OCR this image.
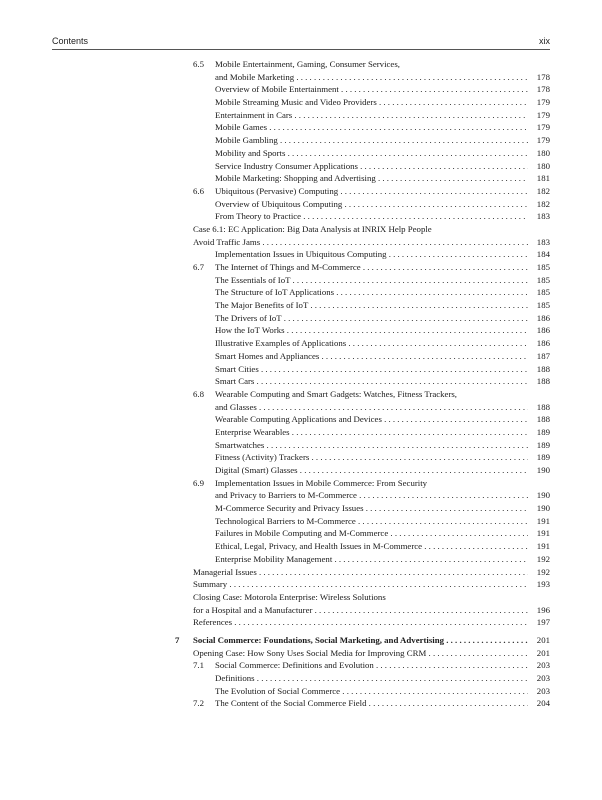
Contents	xix
6.5 Mobile Entertainment, Gaming, Consumer Services,
and Mobile Marketing . . .	178
Overview of Mobile Entertainment . . .	178
Mobile Streaming Music and Video Providers . . .	179
Entertainment in Cars . . .	179
Mobile Games . . .	179
Mobile Gambling . . .	179
Mobility and Sports . . .	180
Service Industry Consumer Applications . . .	180
Mobile Marketing: Shopping and Advertising . . .	181
6.6 Ubiquitous (Pervasive) Computing . . .	182
Overview of Ubiquitous Computing . . .	182
From Theory to Practice . . .	183
Case 6.1: EC Application: Big Data Analysis at INRIX Help People
Avoid Traffic Jams . . .	183
Implementation Issues in Ubiquitous Computing . . .	184
6.7 The Internet of Things and M-Commerce . . .	185
The Essentials of IoT . . .	185
The Structure of IoT Applications . . .	185
The Major Benefits of IoT . . .	185
The Drivers of IoT . . .	186
How the IoT Works . . .	186
Illustrative Examples of Applications . . .	186
Smart Homes and Appliances . . .	187
Smart Cities . . .	188
Smart Cars . . .	188
6.8 Wearable Computing and Smart Gadgets: Watches, Fitness Trackers,
and Glasses . . .	188
Wearable Computing Applications and Devices . . .	188
Enterprise Wearables . . .	189
Smartwatches . . .	189
Fitness (Activity) Trackers . . .	189
Digital (Smart) Glasses . . .	190
6.9 Implementation Issues in Mobile Commerce: From Security
and Privacy to Barriers to M-Commerce . . .	190
M-Commerce Security and Privacy Issues . . .	190
Technological Barriers to M-Commerce . . .	191
Failures in Mobile Computing and M-Commerce . . .	191
Ethical, Legal, Privacy, and Health Issues in M-Commerce . . .	191
Enterprise Mobility Management . . .	192
Managerial Issues . . .	192
Summary . . .	193
Closing Case: Motorola Enterprise: Wireless Solutions
for a Hospital and a Manufacturer . . .	196
References . . .	197
7 Social Commerce: Foundations, Social Marketing, and Advertising . . .	201
Opening Case: How Sony Uses Social Media for Improving CRM . . .	201
7.1 Social Commerce: Definitions and Evolution . . .	203
Definitions . . .	203
The Evolution of Social Commerce . . .	203
7.2 The Content of the Social Commerce Field . . .	204
